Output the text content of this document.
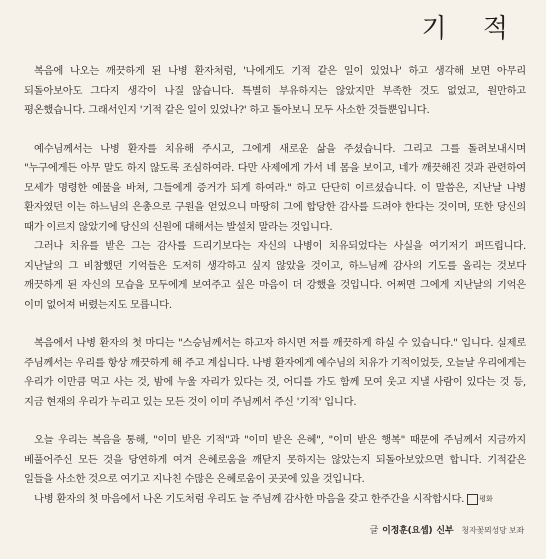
기 적

복음에 나오는 깨끗하게 된 나병 환자처럼, '나에게도 기적 같은 일이 있었나' 하고 생각해 보면 아무리 되돌아보아도 그다지 생각이 나질 않습니다. 특별히 부유하지는 않았지만 부족한 것도 없었고, 원만하고 평온했습니다. 그래서인지 '기적 같은 일이 있었나?' 하고 돌아보니 모두 사소한 것들뿐입니다.

예수님께서는 나병 환자를 치유해 주시고, 그에게 새로운 삶을 주셨습니다. 그리고 그를 돌려보내시며 "누구에게든 아무 말도 하지 않도록 조심하여라. 다만 사제에게 가서 네 몸을 보이고, 네가 깨끗해진 것과 관련하여 모세가 명령한 예물을 바쳐, 그들에게 증거가 되게 하여라." 하고 단단히 이르셨습니다. 이 말씀은, 지난날 나병 환자였던 이는 하느님의 은총으로 구원을 얻었으니 마땅히 그에 합당한 감사를 드려야 한다는 것이며, 또한 당신의 때가 이르지 않았기에 당신의 신원에 대해서는 발설치 말라는 것입니다.

그러나 치유를 받은 그는 감사를 드리기보다는 자신의 나병이 치유되었다는 사실을 여기저기 퍼뜨립니다. 지난날의 그 비참했던 기억들은 도저히 생각하고 싶지 않았을 것이고, 하느님께 감사의 기도를 올리는 것보다 깨끗하게 된 자신의 모습을 모두에게 보여주고 싶은 마음이 더 강했을 것입니다. 어쩌면 그에게 지난날의 기억은 이미 없어져 버렸는지도 모릅니다.

복음에서 나병 환자의 첫 마디는 "스승님께서는 하고자 하시면 저를 깨끗하게 하실 수 있습니다." 입니다. 실제로 주님께서는 우리를 항상 깨끗하게 해 주고 계십니다. 나병 환자에게 예수님의 치유가 기적이었듯, 오늘날 우리에게는 우리가 이만큼 먹고 사는 것, 밤에 누울 자리가 있다는 것, 어디를 가도 함께 모여 웃고 지낼 사람이 있다는 것 등, 지금 현재의 우리가 누리고 있는 모든 것이 이미 주님께서 주신 '기적' 입니다.

오늘 우리는 복음을 통해, "이미 받은 기적"과 "이미 받은 은혜", "이미 받은 행복" 때문에 주님께서 지금까지 베풀어주신 모든 것을 당연하게 여겨 은혜로움을 깨닫지 못하지는 않았는지 되돌아보았으면 합니다. 기적같은 일들을 사소한 것으로 여기고 지나친 수많은 은혜로움이 곳곳에 있을 것입니다.

나병 환자의 첫 마음에서 나온 기도처럼 우리도 늘 주님께 감사한 마음을 갖고 한주간을 시작합시다. 평화

글 이정훈(요셉) 신부 청자꽃뫼성당 보좌
